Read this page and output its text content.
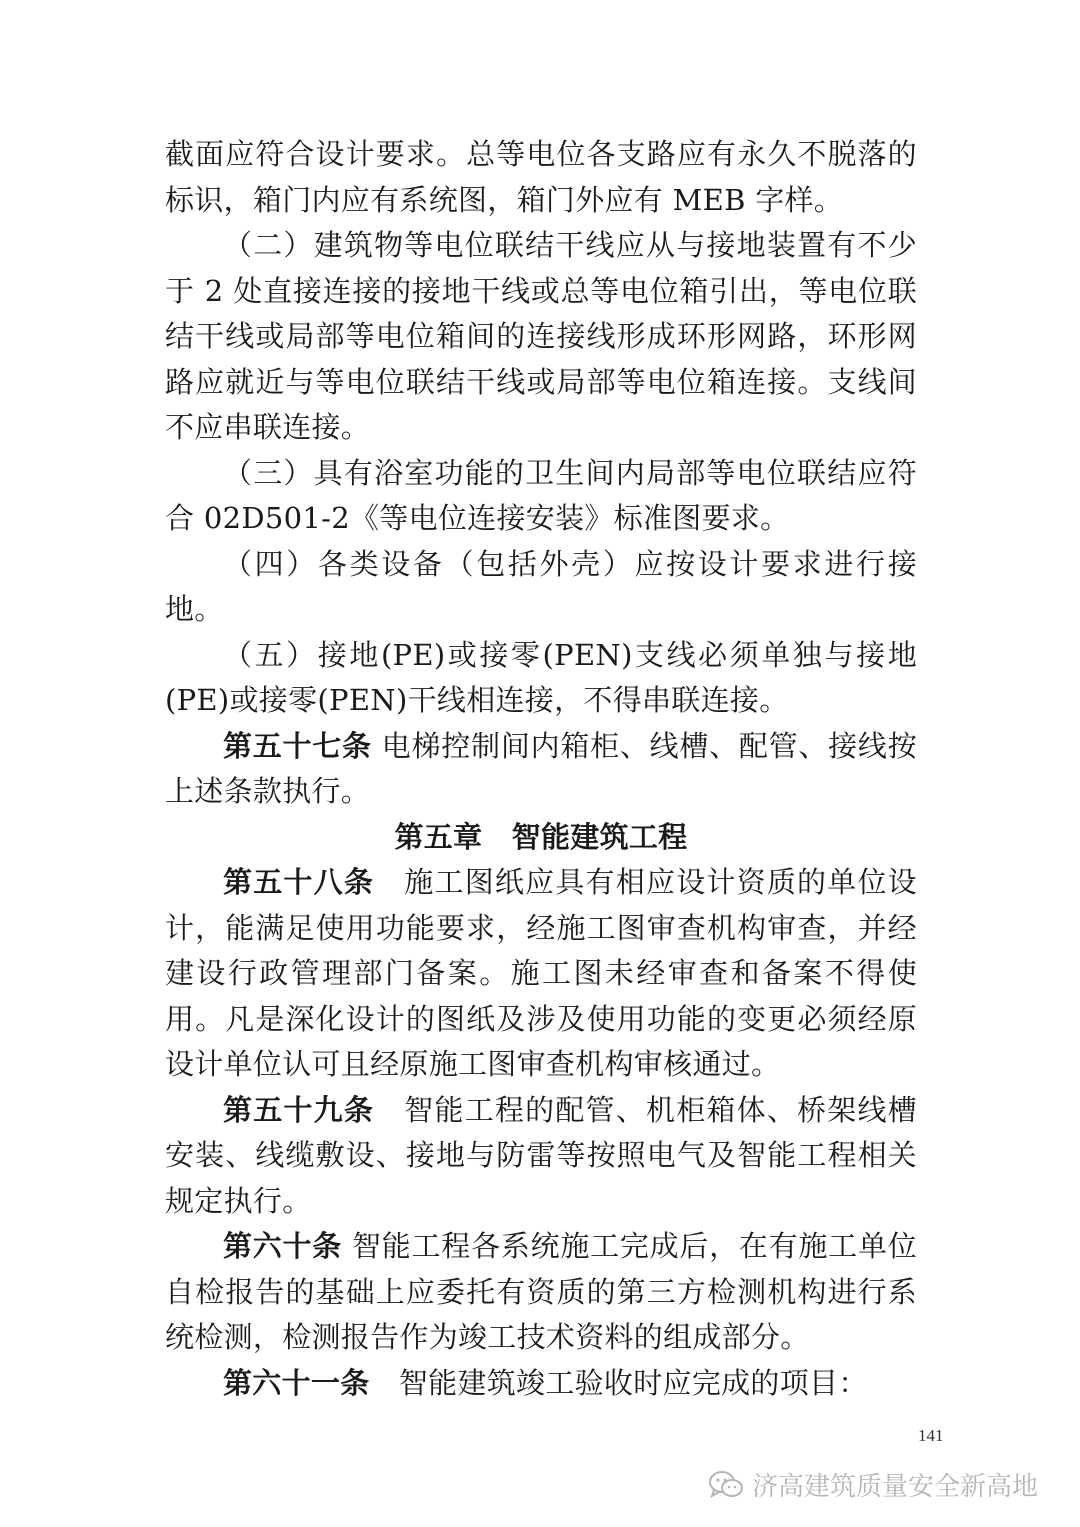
截面应符合设计要求。总等电位各支路应有永久不脱落的标识，箱门内应有系统图，箱门外应有 MEB 字样。

（二）建筑物等电位联结干线应从与接地装置有不少于 2 处直接连接的接地干线或总等电位箱引出，等电位联结干线或局部等电位箱间的连接线形成环形网路，环形网路应就近与等电位联结干线或局部等电位箱连接。支线间不应串联连接。

（三）具有浴室功能的卫生间内局部等电位联结应符合 02D501-2《等电位连接安装》标准图要求。

（四）各类设备（包括外壳）应按设计要求进行接地。

（五）接地(PE)或接零(PEN)支线必须单独与接地(PE)或接零(PEN)干线相连接，不得串联连接。

第五十七条 电梯控制间内箱柜、线槽、配管、接线按上述条款执行。

第五章　智能建筑工程

第五十八条　 施工图纸应具有相应设计资质的单位设计，能满足使用功能要求，经施工图审查机构审查，并经建设行政管理部门备案。施工图未经审查和备案不得使用。凡是深化设计的图纸及涉及使用功能的变更必须经原设计单位认可且经原施工图审查机构审核通过。

第五十九条　 智能工程的配管、机柜箱体、桥架线槽安装、线缆敷设、接地与防雷等按照电气及智能工程相关规定执行。

第六十条 智能工程各系统施工完成后，在有施工单位自检报告的基础上应委托有资质的第三方检测机构进行系统检测，检测报告作为竣工技术资料的组成部分。

第六十一条　 智能建筑竣工验收时应完成的项目：

141
济高建筑质量安全新高地
